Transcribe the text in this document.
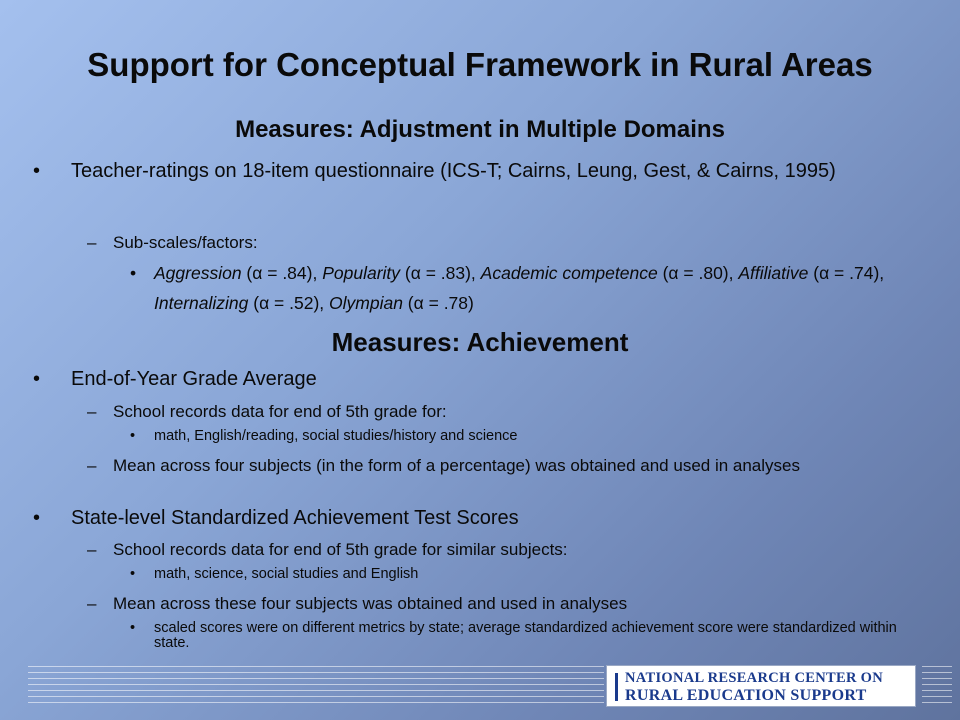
Support for Conceptual Framework in Rural Areas
Measures: Adjustment in Multiple Domains
• Teacher-ratings on 18-item questionnaire (ICS-T; Cairns, Leung, Gest, & Cairns, 1995)
– Sub-scales/factors:
• Aggression (α = .84), Popularity (α = .83), Academic competence (α = .80), Affiliative (α = .74), Internalizing (α = .52), Olympian (α = .78)
Measures: Achievement
• End-of-Year Grade Average
– School records data for end of 5th grade for:
• math, English/reading, social studies/history and science
– Mean across four subjects (in the form of a percentage) was obtained and used in analyses
• State-level Standardized Achievement Test Scores
– School records data for end of 5th grade for similar subjects:
• math, science, social studies and English
– Mean across these four subjects was obtained and used in analyses
• scaled scores were on different metrics by state; average standardized achievement score were standardized within state.
NATIONAL RESEARCH CENTER ON
RURAL EDUCATION SUPPORT
